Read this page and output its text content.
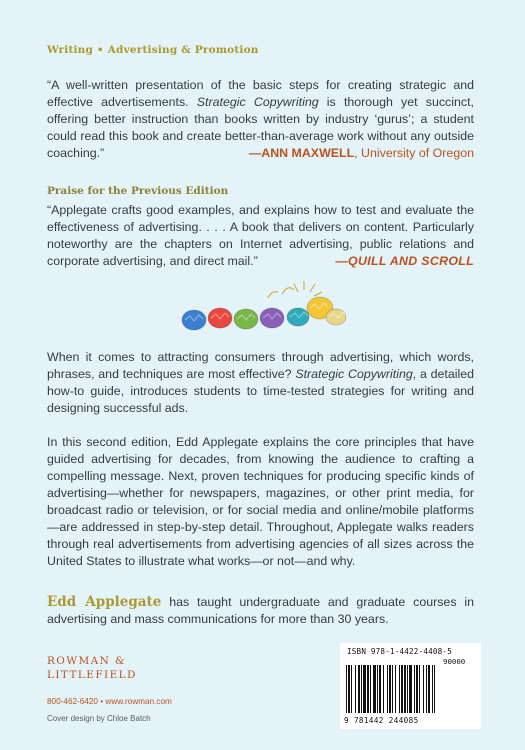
Writing • Advertising & Promotion

“A well-written presentation of the basic steps for creating strategic and effective advertisements. Strategic Copywriting is thorough yet succinct, offering better instruction than books written by industry ‘gurus’; a student could read this book and create better-than-average work without any outside coaching.”	—ANN MAXWELL, University of Oregon

Praise for the Previous Edition

“Applegate crafts good examples, and explains how to test and evaluate the effectiveness of advertising. . . . A book that delivers on content. Particularly noteworthy are the chapters on Internet advertising, public relations and corporate advertising, and direct mail.”	—QUILL AND SCROLL

When it comes to attracting consumers through advertising, which words, phrases, and techniques are most effective? Strategic Copywriting, a detailed how-to guide, introduces students to time-tested strategies for writing and designing successful ads.

In this second edition, Edd Applegate explains the core principles that have guided advertising for decades, from knowing the audience to crafting a compelling message. Next, proven techniques for producing specific kinds of advertising—whether for newspapers, magazines, or other print media, for broadcast radio or television, or for social media and online/mobile platforms—are addressed in step-by-step detail. Throughout, Applegate walks readers through real advertisements from advertising agencies of all sizes across the United States to illustrate what works—or not—and why.

Edd Applegate has taught undergraduate and graduate courses in advertising and mass communications for more than 30 years.

ROWMAN &
LITTLEFIELD
800-462-6420 • www.rowman.com
Cover design by Chloe Batch
ISBN 978-1-4422-4408-5
90000
9 781442 244085
